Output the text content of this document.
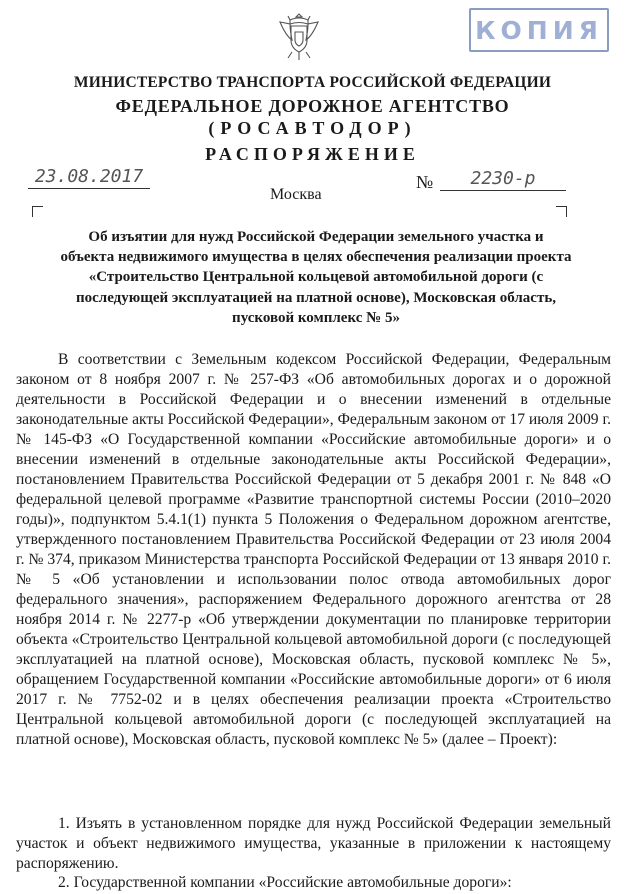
КОПИЯ
МИНИСТЕРСТВО ТРАНСПОРТА РОССИЙСКОЙ ФЕДЕРАЦИИ
ФЕДЕРАЛЬНОЕ ДОРОЖНОЕ АГЕНТСТВО
(РОСАВТОДОР)
РАСПОРЯЖЕНИЕ
23.08.2017
Москва
№	2230-р
Об изъятии для нужд Российской Федерации земельного участка и объекта недвижимого имущества в целях обеспечения реализации проекта «Строительство Центральной кольцевой автомобильной дороги (с последующей эксплуатацией на платной основе), Московская область, пусковой комплекс № 5»
В соответствии с Земельным кодексом Российской Федерации, Федеральным законом от 8 ноября 2007 г. № 257-ФЗ «Об автомобильных дорогах и о дорожной деятельности в Российской Федерации и о внесении изменений в отдельные законодательные акты Российской Федерации», Федеральным законом от 17 июля 2009 г. № 145-ФЗ «О Государственной компании «Российские автомобильные дороги» и о внесении изменений в отдельные законодательные акты Российской Федерации», постановлением Правительства Российской Федерации от 5 декабря 2001 г. № 848 «О федеральной целевой программе «Развитие транспортной системы России (2010–2020 годы)», подпунктом 5.4.1(1) пункта 5 Положения о Федеральном дорожном агентстве, утвержденного постановлением Правительства Российской Федерации от 23 июля 2004 г. № 374, приказом Министерства транспорта Российской Федерации от 13 января 2010 г. № 5 «Об установлении и использовании полос отвода автомобильных дорог федерального значения», распоряжением Федерального дорожного агентства от 28 ноября 2014 г. № 2277-р «Об утверждении документации по планировке территории объекта «Строительство Центральной кольцевой автомобильной дороги (с последующей эксплуатацией на платной основе), Московская область, пусковой комплекс № 5», обращением Государственной компании «Российские автомобильные дороги» от 6 июля 2017 г. № 7752-02 и в целях обеспечения реализации проекта «Строительство Центральной кольцевой автомобильной дороги (с последующей эксплуатацией на платной основе), Московская область, пусковой комплекс № 5» (далее – Проект):
1. Изъять в установленном порядке для нужд Российской Федерации земельный участок и объект недвижимого имущества, указанные в приложении к настоящему распоряжению.
2. Государственной компании «Российские автомобильные дороги»:
